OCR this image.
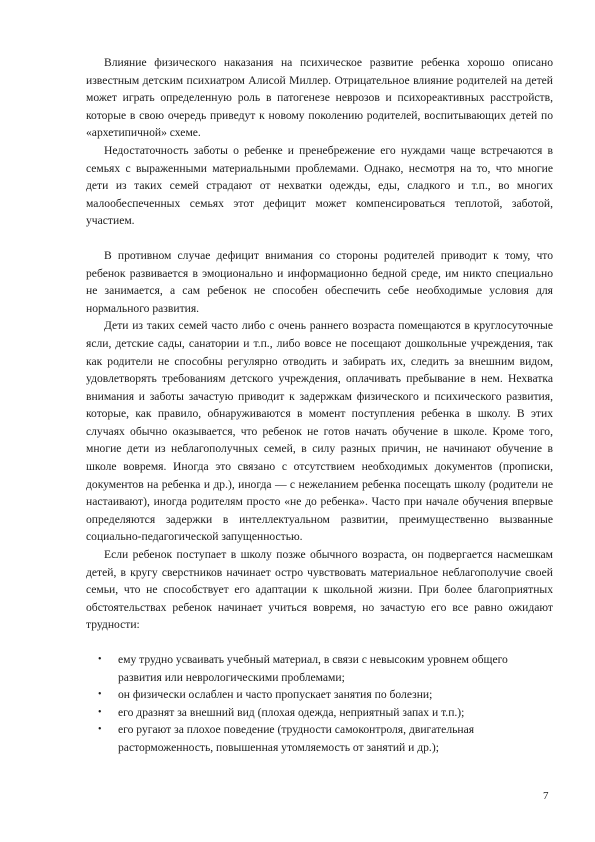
Влияние физического наказания на психическое развитие ребенка хорошо описано известным детским психиатром Алисой Миллер. Отрицательное влияние родителей на детей может играть определенную роль в патогенезе неврозов и психореактивных расстройств, которые в свою очередь приведут к новому поколению родителей, воспитывающих детей по «архетипичной» схеме.

Недостаточность заботы о ребенке и пренебрежение его нуждами чаще встречаются в семьях с выраженными материальными проблемами. Однако, несмотря на то, что многие дети из таких семей страдают от нехватки одежды, еды, сладкого и т.п., во многих малообеспеченных семьях этот дефицит может компенсироваться теплотой, заботой, участием.

В противном случае дефицит внимания со стороны родителей приводит к тому, что ребенок развивается в эмоционально и информационно бедной среде, им никто специально не занимается, а сам ребенок не способен обеспечить себе необходимые условия для нормального развития.

Дети из таких семей часто либо с очень раннего возраста помещаются в круглосуточные ясли, детские сады, санатории и т.п., либо вовсе не посещают дошкольные учреждения, так как родители не способны регулярно отводить и забирать их, следить за внешним видом, удовлетворять требованиям детского учреждения, оплачивать пребывание в нем. Нехватка внимания и заботы зачастую приводит к задержкам физического и психического развития, которые, как правило, обнаруживаются в момент поступления ребенка в школу. В этих случаях обычно оказывается, что ребенок не готов начать обучение в школе. Кроме того, многие дети из неблагополучных семей, в силу разных причин, не начинают обучение в школе вовремя. Иногда это связано с отсутствием необходимых документов (прописки, документов на ребенка и др.), иногда — с нежеланием ребенка посещать школу (родители не настаивают), иногда родителям просто «не до ребенка». Часто при начале обучения впервые определяются задержки в интеллектуальном развитии, преимущественно вызванные социально-педагогической запущенностью.

Если ребенок поступает в школу позже обычного возраста, он подвергается насмешкам детей, в кругу сверстников начинает остро чувствовать материальное неблагополучие своей семьи, что не способствует его адаптации к школьной жизни. При более благоприятных обстоятельствах ребенок начинает учиться вовремя, но зачастую его все равно ожидают трудности:

• ему трудно усваивать учебный материал, в связи с невысоким уровнем общего развития или неврологическими проблемами;
• он физически ослаблен и часто пропускает занятия по болезни;
• его дразнят за внешний вид (плохая одежда, неприятный запах и т.п.);
• его ругают за плохое поведение (трудности самоконтроля, двигательная расторможенность, повышенная утомляемость от занятий и др.);
7
